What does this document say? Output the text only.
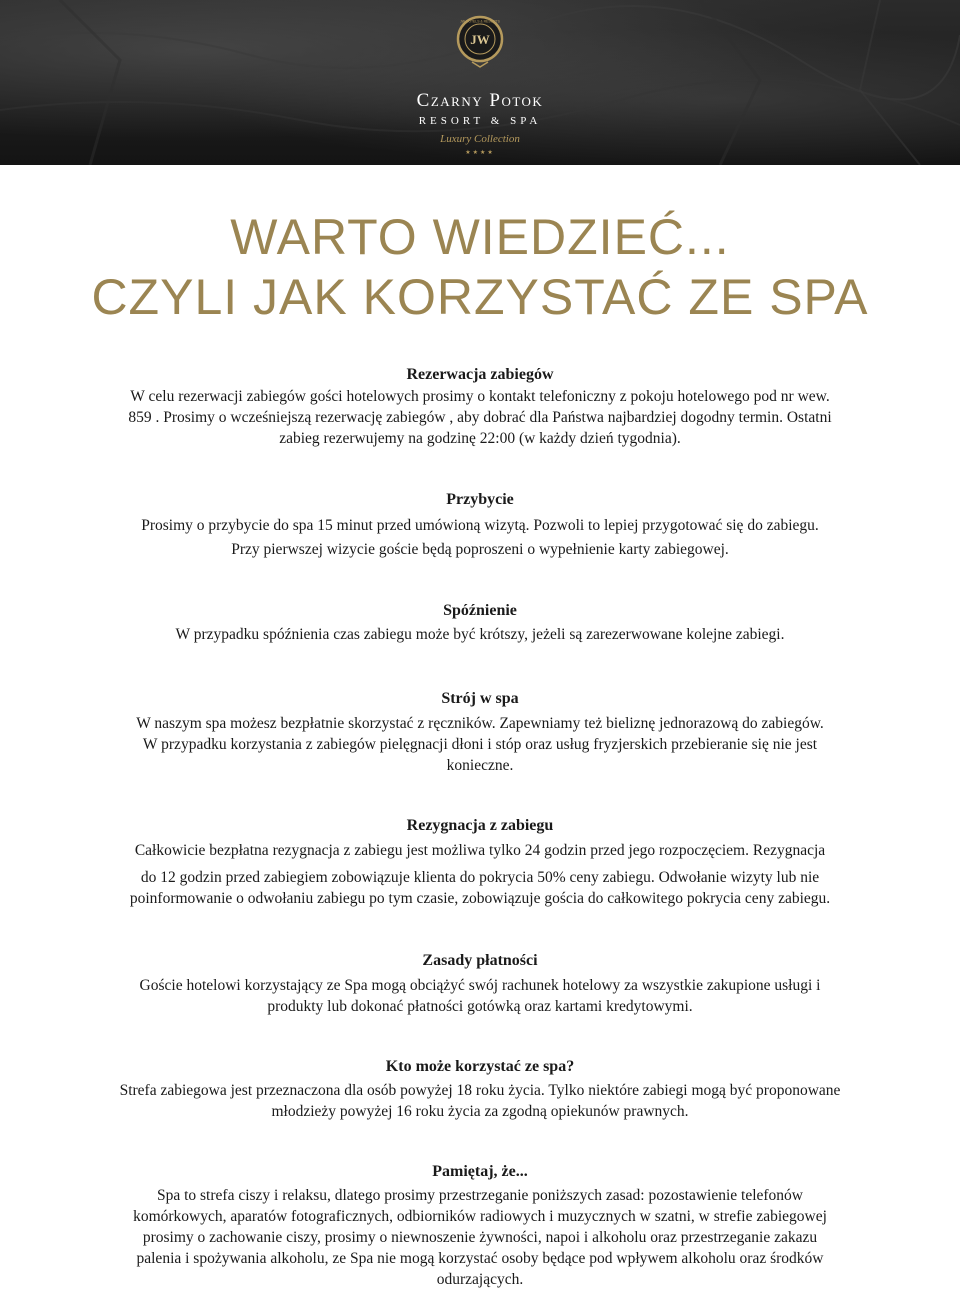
JW
JW HOTELS & RESORTS
Czarny Potok
RESORT & SPA
Luxury Collection
★★★★
WARTO WIEDZIEĆ...
CZYLI JAK KORZYSTAĆ ZE SPA
Rezerwacja zabiegów

W celu rezerwacji zabiegów gości hotelowych prosimy o kontakt telefoniczny z pokoju hotelowego pod nr wew.

859 . Prosimy o wcześniejszą rezerwację zabiegów , aby dobrać dla Państwa najbardziej dogodny termin. Ostatni

zabieg rezerwujemy na godzinę 22:00 (w każdy dzień tygodnia).

Przybycie

Prosimy o przybycie do spa 15 minut przed umówioną wizytą. Pozwoli to lepiej przygotować się do zabiegu.

Przy pierwszej wizycie goście będą poproszeni o wypełnienie karty zabiegowej.

Spóźnienie

W przypadku spóźnienia czas zabiegu może być krótszy, jeżeli są zarezerwowane kolejne zabiegi.

Strój w spa

W naszym spa możesz bezpłatnie skorzystać z ręczników. Zapewniamy też bieliznę jednorazową do zabiegów.

W przypadku korzystania z zabiegów pielęgnacji dłoni i stóp oraz usług fryzjerskich przebieranie się nie jest

konieczne.

Rezygnacja z zabiegu

Całkowicie bezpłatna rezygnacja z zabiegu jest możliwa tylko 24 godzin przed jego rozpoczęciem. Rezygnacja

do 12 godzin przed zabiegiem zobowiązuje klienta do pokrycia 50% ceny zabiegu. Odwołanie wizyty lub nie

poinformowanie o odwołaniu zabiegu po tym czasie, zobowiązuje gościa do całkowitego pokrycia ceny zabiegu.

Zasady płatności

Goście hotelowi korzystający ze Spa mogą obciążyć swój rachunek hotelowy za wszystkie zakupione usługi i

produkty lub dokonać płatności gotówką oraz kartami kredytowymi.

Kto może korzystać ze spa?

Strefa zabiegowa jest przeznaczona dla osób powyżej 18 roku życia. Tylko niektóre zabiegi mogą być proponowane

młodzieży powyżej 16 roku życia za zgodną opiekunów prawnych.

Pamiętaj, że...

Spa to strefa ciszy i relaksu, dlatego prosimy przestrzeganie poniższych zasad: pozostawienie telefonów

komórkowych, aparatów fotograficznych, odbiorników radiowych i muzycznych w szatni, w strefie zabiegowej

prosimy o zachowanie ciszy, prosimy o niewnoszenie żywności, napoi i alkoholu oraz przestrzeganie zakazu

palenia i spożywania alkoholu, ze Spa nie mogą korzystać osoby będące pod wpływem alkoholu oraz środków

odurzających.
